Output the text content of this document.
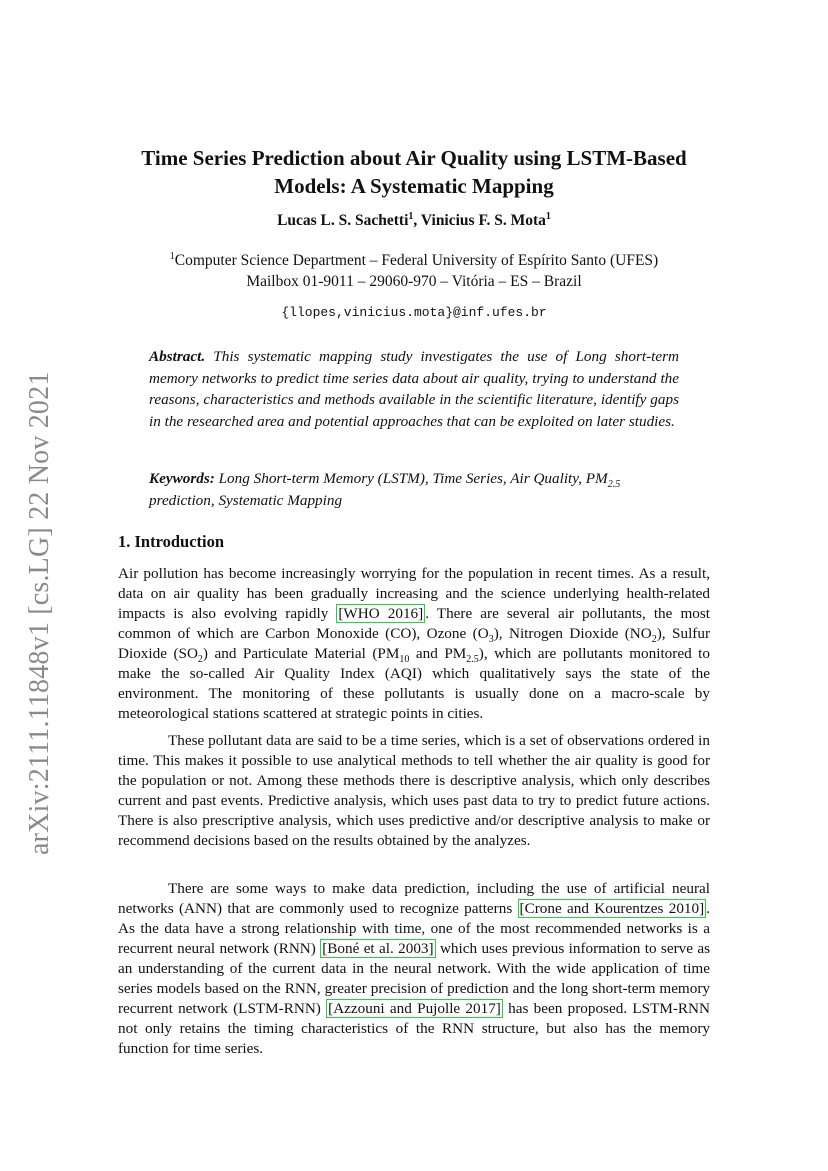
arXiv:2111.11848v1 [cs.LG] 22 Nov 2021
Time Series Prediction about Air Quality using LSTM-Based
Models: A Systematic Mapping
Lucas L. S. Sachetti$^1$, Vinicius F. S. Mota$^1$
$^1$Computer Science Department – Federal University of Espírito Santo (UFES)
Mailbox 01-9011 – 29060-970 – Vitória – ES – Brazil
{llopes,vinicius.mota}@inf.ufes.br
Abstract. This systematic mapping study investigates the use of Long short-term memory networks to predict time series data about air quality, trying to understand the reasons, characteristics and methods available in the scientific literature, identify gaps in the researched area and potential approaches that can be exploited on later studies.
Keywords: Long Short-term Memory (LSTM), Time Series, Air Quality, $PM_{2.5}$ prediction, Systematic Mapping
1. Introduction
Air pollution has become increasingly worrying for the population in recent times. As a result, data on air quality has been gradually increasing and the science underlying health-related impacts is also evolving rapidly [WHO 2016] . There are several air pollutants, the most common of which are Carbon Monoxide (CO), Ozone $(O_3)$, Nitrogen Dioxide $(NO_2)$, Sulfur Dioxide $(SO_2)$ and Particulate Material ($PM_{10}$ and $PM_{2.5}$), which are pollutants monitored to make the so-called Air Quality Index (AQI) which qualitatively says the state of the environment. The monitoring of these pollutants is usually done on a macro-scale by meteorological stations scattered at strategic points in cities.
These pollutant data are said to be a time series, which is a set of observations ordered in time. This makes it possible to use analytical methods to tell whether the air quality is good for the population or not. Among these methods there is descriptive analysis, which only describes current and past events. Predictive analysis, which uses past data to try to predict future actions. There is also prescriptive analysis, which uses predictive and/or descriptive analysis to make or recommend decisions based on the results obtained by the analyzes.
There are some ways to make data prediction, including the use of artificial neural networks (ANN) that are commonly used to recognize patterns [Crone and Kourentzes 2010] . As the data have a strong relationship with time, one of the most recommended networks is a recurrent neural network (RNN) [Boné et al. 2003] which uses previous information to serve as an understanding of the current data in the neural network. With the wide application of time series models based on the RNN, greater precision of prediction and the long short-term memory recurrent network (LSTM-RNN) [Azzouni and Pujolle 2017] has been proposed. LSTM-RNN not only retains the timing characteristics of the RNN structure, but also has the memory function for time series.
